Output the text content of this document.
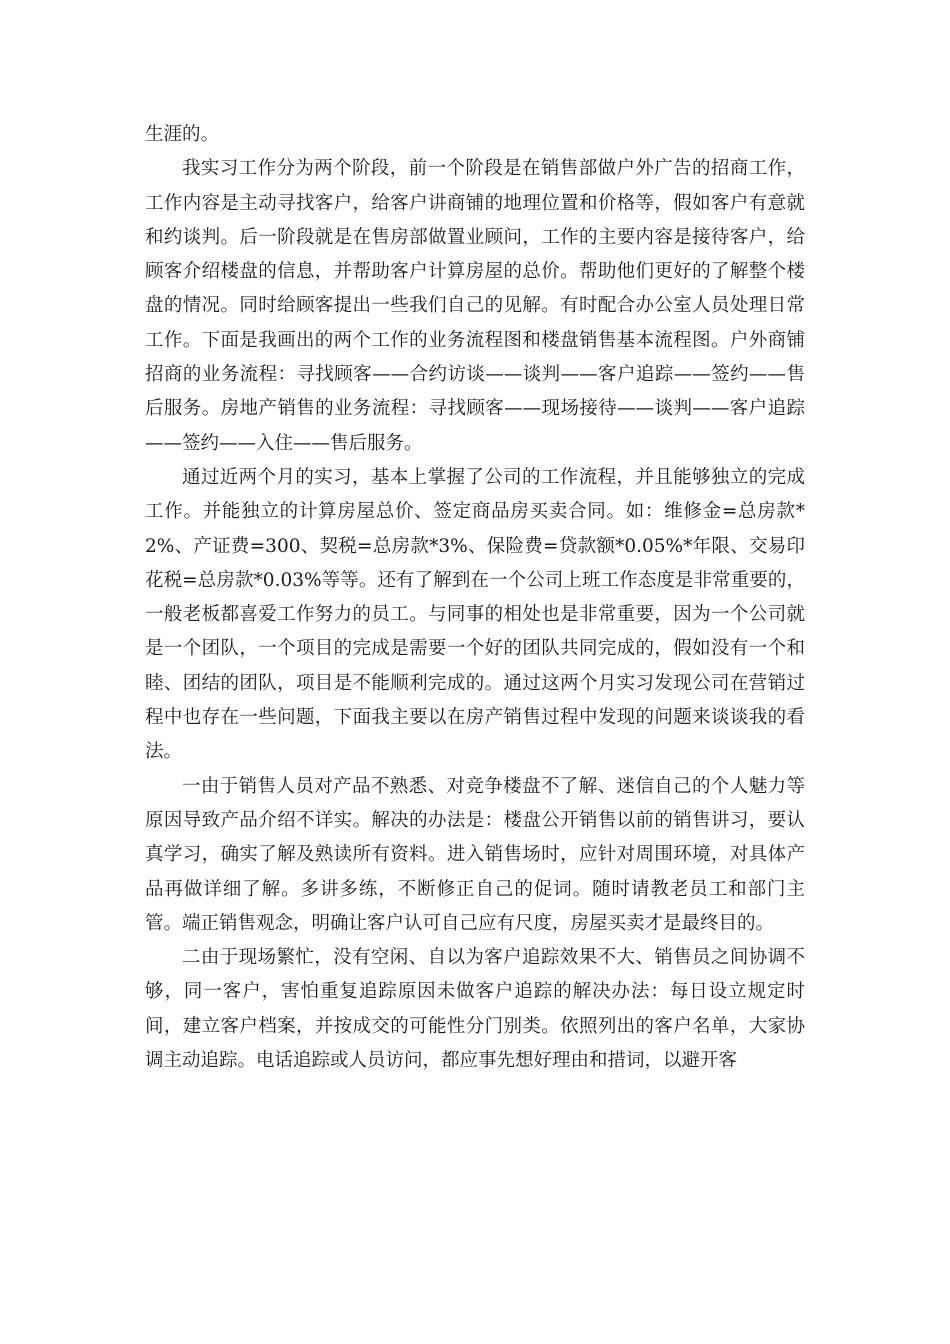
生涯的。

我实习工作分为两个阶段，前一个阶段是在销售部做户外广告的招商工作，工作内容是主动寻找客户，给客户讲商铺的地理位置和价格等，假如客户有意就和约谈判。后一阶段就是在售房部做置业顾问，工作的主要内容是接待客户，给顾客介绍楼盘的信息，并帮助客户计算房屋的总价。帮助他们更好的了解整个楼盘的情况。同时给顾客提出一些我们自己的见解。有时配合办公室人员处理日常工作。下面是我画出的两个工作的业务流程图和楼盘销售基本流程图。户外商铺招商的业务流程：寻找顾客——合约访谈——谈判——客户追踪——签约——售后服务。房地产销售的业务流程：寻找顾客——现场接待——谈判——客户追踪——签约——入住——售后服务。

通过近两个月的实习，基本上掌握了公司的工作流程，并且能够独立的完成工作。并能独立的计算房屋总价、签定商品房买卖合同。如：维修金=总房款*2%、产证费=300、契税=总房款*3%、保险费=贷款额*0.05%*年限、交易印花税=总房款*0.03%等等。还有了解到在一个公司上班工作态度是非常重要的，一般老板都喜爱工作努力的员工。与同事的相处也是非常重要，因为一个公司就是一个团队，一个项目的完成是需要一个好的团队共同完成的，假如没有一个和睦、团结的团队，项目是不能顺利完成的。通过这两个月实习发现公司在营销过程中也存在一些问题，下面我主要以在房产销售过程中发现的问题来谈谈我的看法。

一由于销售人员对产品不熟悉、对竞争楼盘不了解、迷信自己的个人魅力等原因导致产品介绍不详实。解决的办法是：楼盘公开销售以前的销售讲习，要认真学习，确实了解及熟读所有资料。进入销售场时，应针对周围环境，对具体产品再做详细了解。多讲多练，不断修正自己的促词。随时请教老员工和部门主管。端正销售观念，明确让客户认可自己应有尺度，房屋买卖才是最终目的。

二由于现场繁忙，没有空闲、自以为客户追踪效果不大、销售员之间协调不够，同一客户，害怕重复追踪原因未做客户追踪的解决办法：每日设立规定时间，建立客户档案，并按成交的可能性分门别类。依照列出的客户名单，大家协调主动追踪。电话追踪或人员访问，都应事先想好理由和措词，以避开客
